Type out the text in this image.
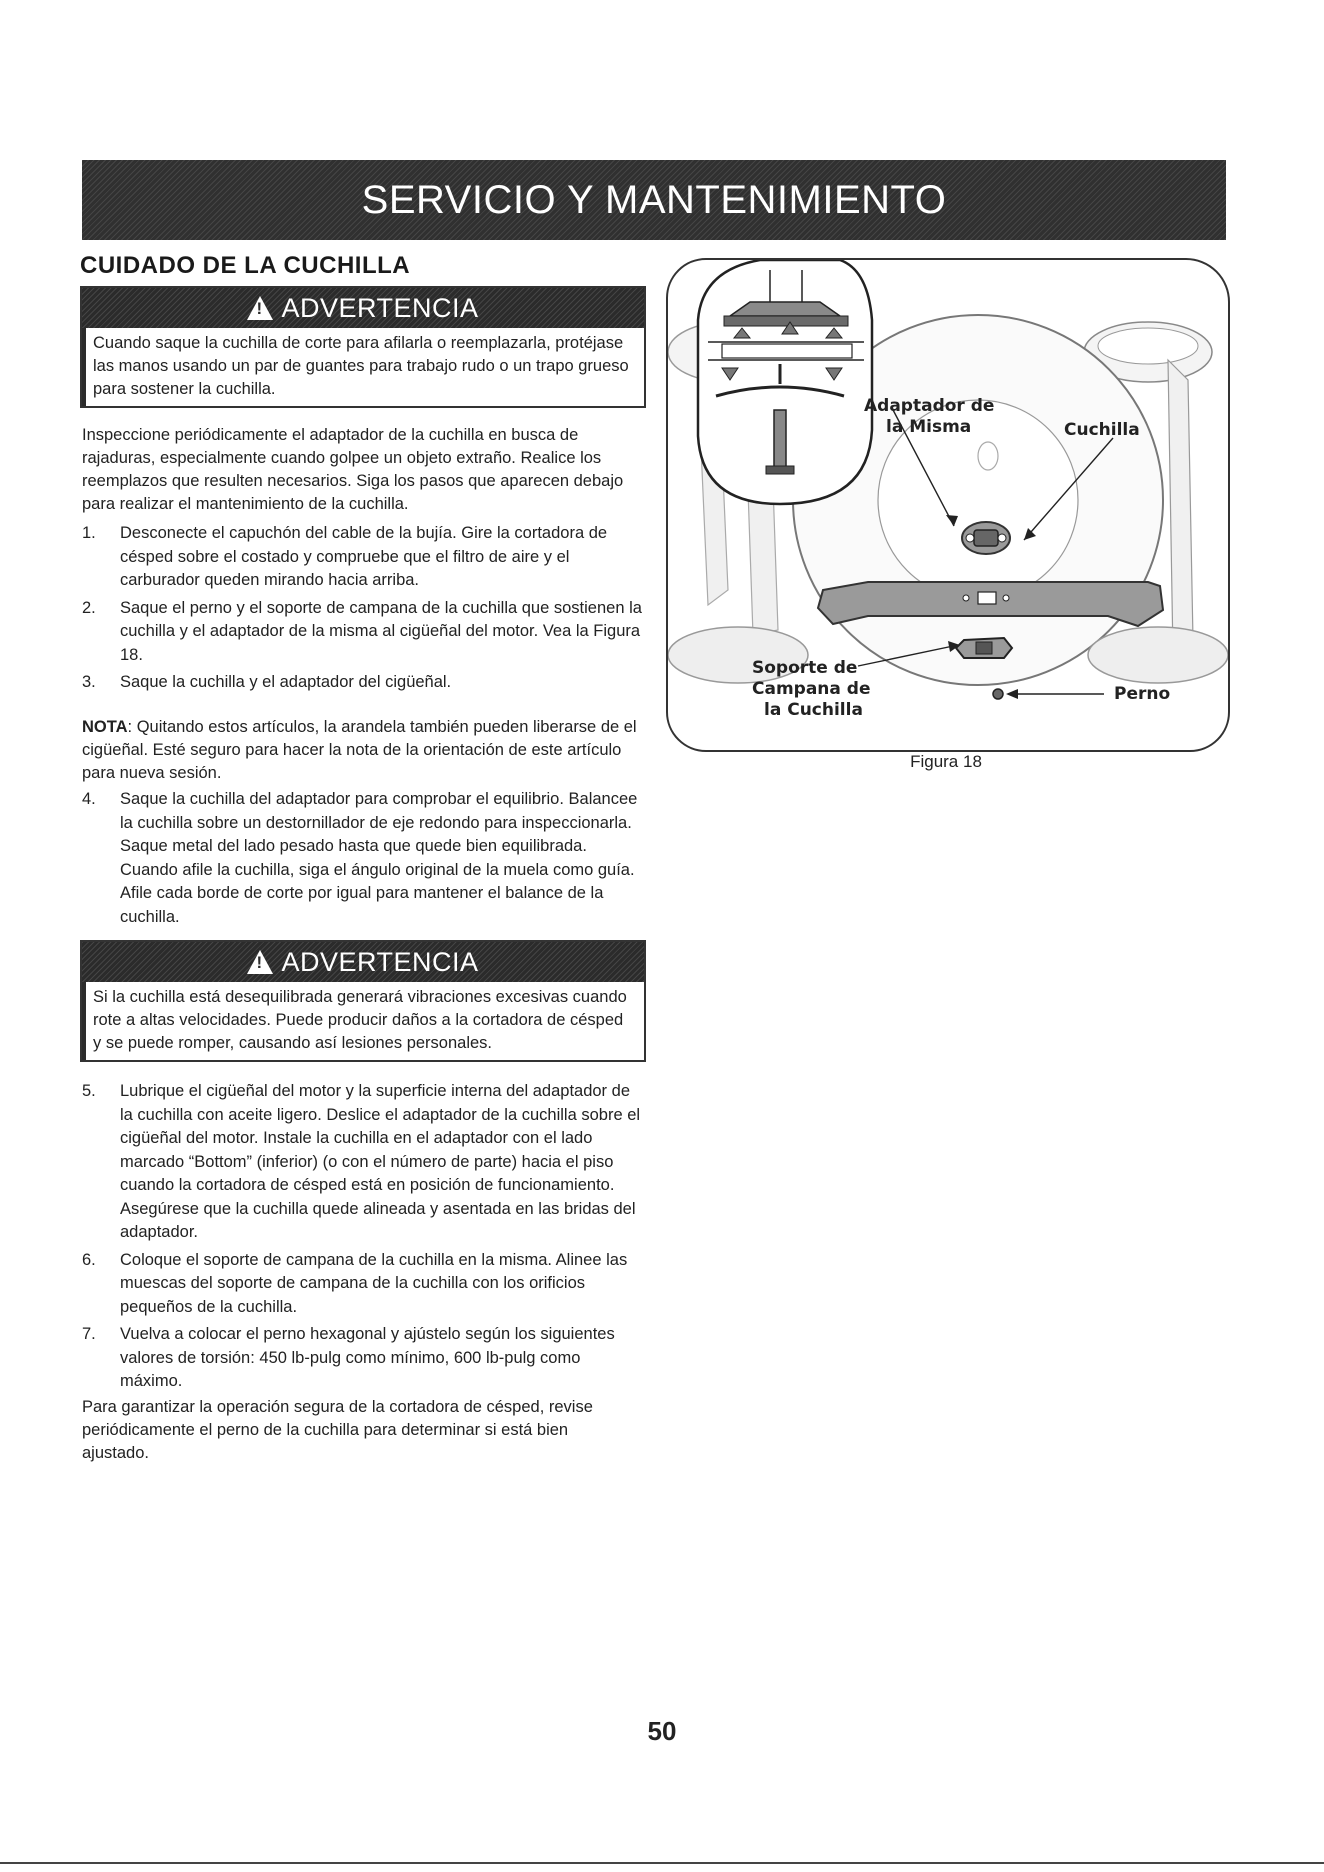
SERVICIO Y MANTENIMIENTO
CUIDADO DE LA CUCHILLA
!
ADVERTENCIA
Cuando saque la cuchilla de corte para afilarla o reemplazarla, protéjase
las manos usando un par de guantes para trabajo rudo o un trapo grueso
para sostener la cuchilla.
Inspeccione periódicamente el adaptador de la cuchilla en busca de
rajaduras, especialmente cuando golpee un objeto extraño. Realice los
reemplazos que resulten necesarios. Siga los pasos que aparecen debajo
para realizar el mantenimiento de la cuchilla.
1. Desconecte el capuchón del cable de la bujía. Gire la cortadora de césped sobre el costado y compruebe que el filtro de aire y el carburador queden mirando hacia arriba.
2. Saque el perno y el soporte de campana de la cuchilla que sostienen la cuchilla y el adaptador de la misma al cigüeñal del motor. Vea la Figura 18.
3. Saque la cuchilla y el adaptador del cigüeñal.
NOTA: Quitando estos artículos, la arandela también pueden liberarse de el cigüeñal. Esté seguro para hacer la nota de la orientación de este artículo para nueva sesión.
4. Saque la cuchilla del adaptador para comprobar el equilibrio. Balancee la cuchilla sobre un destornillador de eje redondo para inspeccionarla. Saque metal del lado pesado hasta que quede bien equilibrada. Cuando afile la cuchilla, siga el ángulo original de la muela como guía. Afile cada borde de corte por igual para mantener el balance de la cuchilla.
!
ADVERTENCIA
Si la cuchilla está desequilibrada generará vibraciones excesivas cuando
rote a altas velocidades. Puede producir daños a la cortadora de césped
y se puede romper, causando así lesiones personales.
5. Lubrique el cigüeñal del motor y la superficie interna del adaptador de la cuchilla con aceite ligero. Deslice el adaptador de la cuchilla sobre el cigüeñal del motor. Instale la cuchilla en el adaptador con el lado marcado “Bottom” (inferior) (o con el número de parte) hacia el piso cuando la cortadora de césped está en posición de funcionamiento. Asegúrese que la cuchilla quede alineada y asentada en las bridas del adaptador.
6. Coloque el soporte de campana de la cuchilla en la misma. Alinee las muescas del soporte de campana de la cuchilla con los orificios pequeños de la cuchilla.
7. Vuelva a colocar el perno hexagonal y ajústelo según los siguientes valores de torsión: 450 lb-pulg como mínimo, 600 lb-pulg como máximo.
Para garantizar la operación segura de la cortadora de césped, revise periódicamente el perno de la cuchilla para determinar si está bien ajustado.
Adaptador de
la Misma	Cuchilla
Soporte de
Campana de
la Cuchilla
Perno
Figura 18
50
